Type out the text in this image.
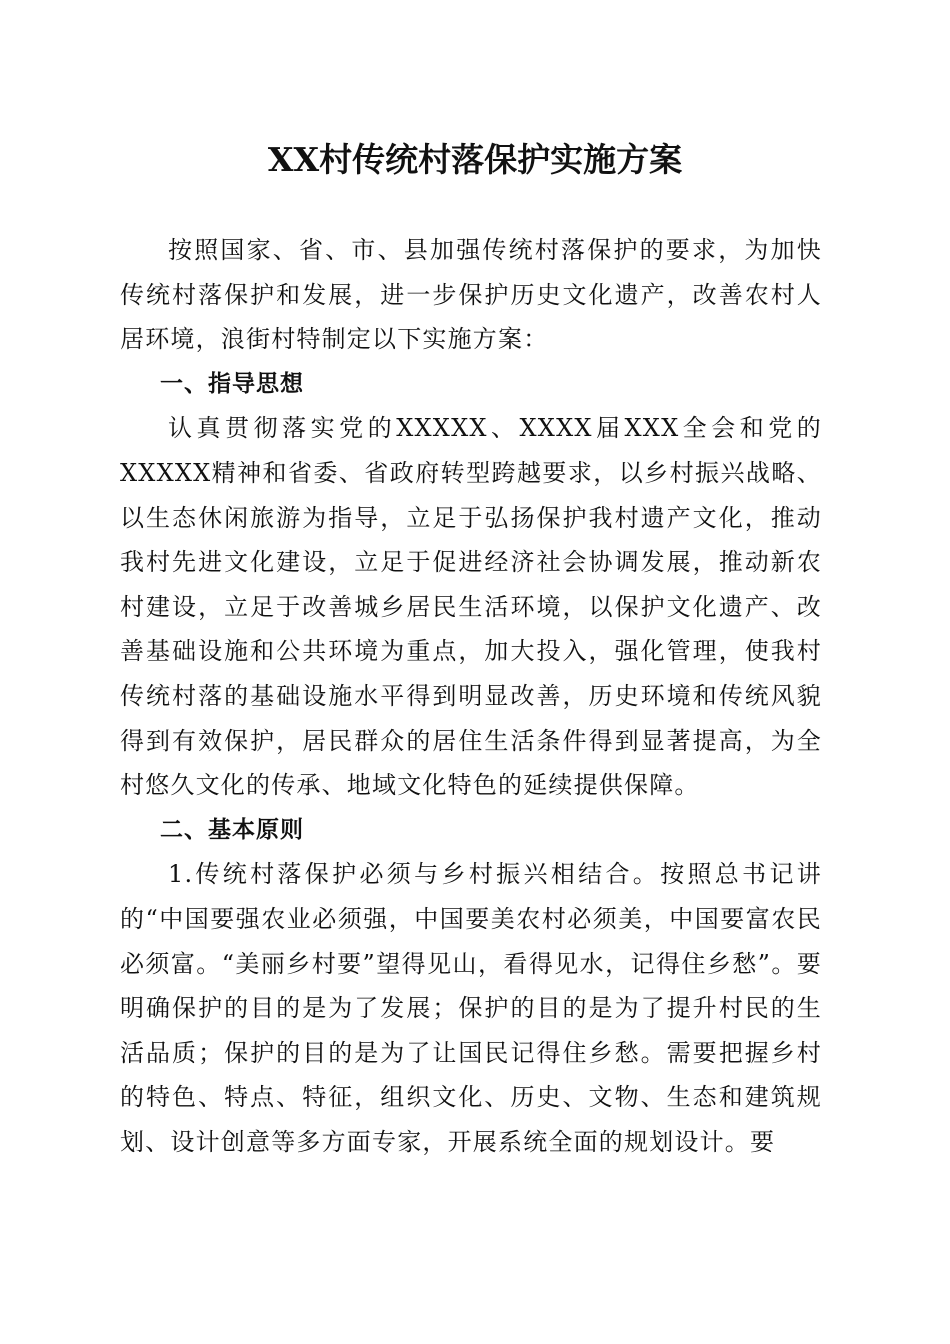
XX村传统村落保护实施方案

按照国家、省、市、县加强传统村落保护的要求，为加快传统村落保护和发展，进一步保护历史文化遗产，改善农村人居环境，浪街村特制定以下实施方案：

一、指导思想

认真贯彻落实党的XXXXX、XXXX届XXX全会和党的XXXXX精神和省委、省政府转型跨越要求，以乡村振兴战略、以生态休闲旅游为指导，立足于弘扬保护我村遗产文化，推动我村先进文化建设，立足于促进经济社会协调发展，推动新农村建设，立足于改善城乡居民生活环境，以保护文化遗产、改善基础设施和公共环境为重点，加大投入，强化管理，使我村传统村落的基础设施水平得到明显改善，历史环境和传统风貌得到有效保护，居民群众的居住生活条件得到显著提高，为全村悠久文化的传承、地域文化特色的延续提供保障。

二、基本原则

1.传统村落保护必须与乡村振兴相结合。按照总书记讲的“中国要强农业必须强，中国要美农村必须美，中国要富农民必须富。“美丽乡村要”望得见山，看得见水，记得住乡愁”。要明确保护的目的是为了发展；保护的目的是为了提升村民的生活品质；保护的目的是为了让国民记得住乡愁。需要把握乡村的特色、特点、特征，组织文化、历史、文物、生态和建筑规划、设计创意等多方面专家，开展系统全面的规划设计。要
